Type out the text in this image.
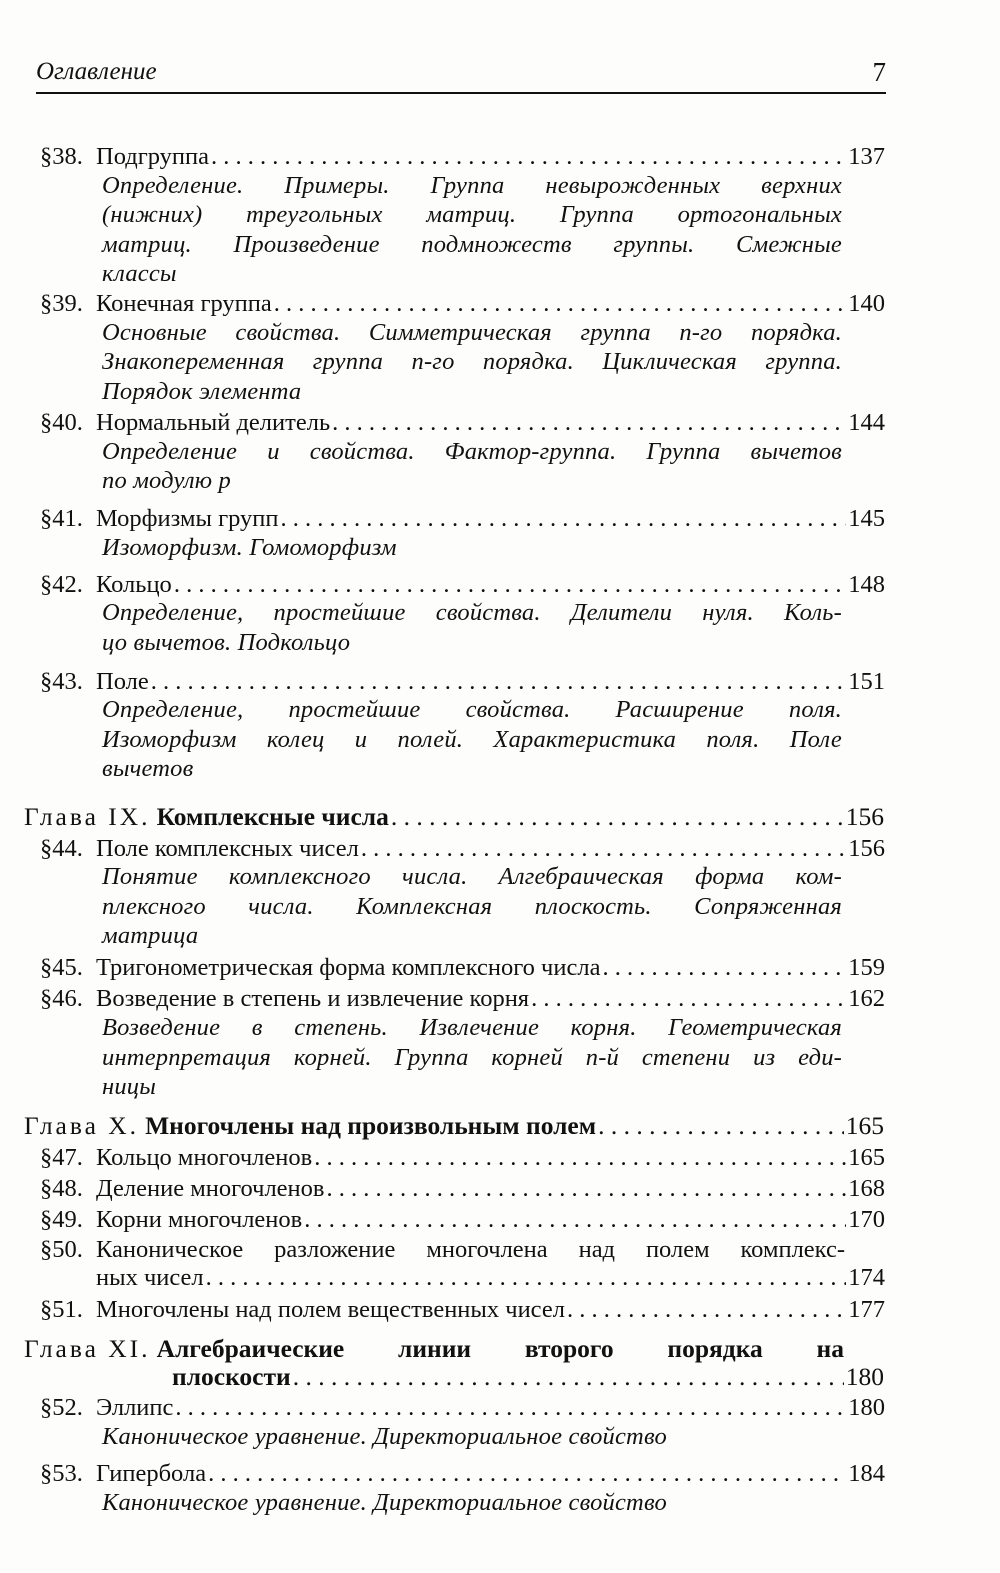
Оглавление	7
§38. Подгруппа . . .	137
Определение. Примеры. Группа невырожденных верхних
(нижних) треугольных матриц. Группа ортогональных
матриц. Произведение подмножеств группы. Смежные
классы
§39. Конечная группа . . .	140
Основные свойства. Симметрическая группа n-го порядка.
Знакопеременная группа n-го порядка. Циклическая группа.
Порядок элемента
§40. Нормальный делитель . . .	144
Определение и свойства. Фактор-группа. Группа вычетов
по модулю p
§41. Морфизмы групп . . .	145
Изоморфизм. Гомоморфизм
§42. Кольцо . . .	148
Определение, простейшие свойства. Делители нуля. Коль-
цо вычетов. Подкольцо
§43. Поле . . .	151
Определение, простейшие свойства. Расширение поля.
Изоморфизм колец и полей. Характеристика поля. Поле
вычетов
Глава IX. Комплексные числа . . .	156
§44. Поле комплексных чисел . . .	156
Понятие комплексного числа. Алгебраическая форма ком-
плексного числа. Комплексная плоскость. Сопряженная
матрица
§45. Тригонометрическая форма комплексного числа . . .	159
§46. Возведение в степень и извлечение корня . . .	162
Возведение в степень. Извлечение корня. Геометрическая
интерпретация корней. Группа корней n-й степени из еди-
ницы
Глава X. Многочлены над произвольным полем . . .	165
§47. Кольцо многочленов . . .	165
§48. Деление многочленов . . .	168
§49. Корни многочленов . . .	170
§50. Каноническое разложение многочлена над полем комплекс-
ных чисел . . .	174
§51. Многочлены над полем вещественных чисел . . .	177
Глава XI. Алгебраические линии второго порядка на
плоскости . . .	180
§52. Эллипс . . .	180
Каноническое уравнение. Директориальное свойство
§53. Гипербола . . .	184
Каноническое уравнение. Директориальное свойство
